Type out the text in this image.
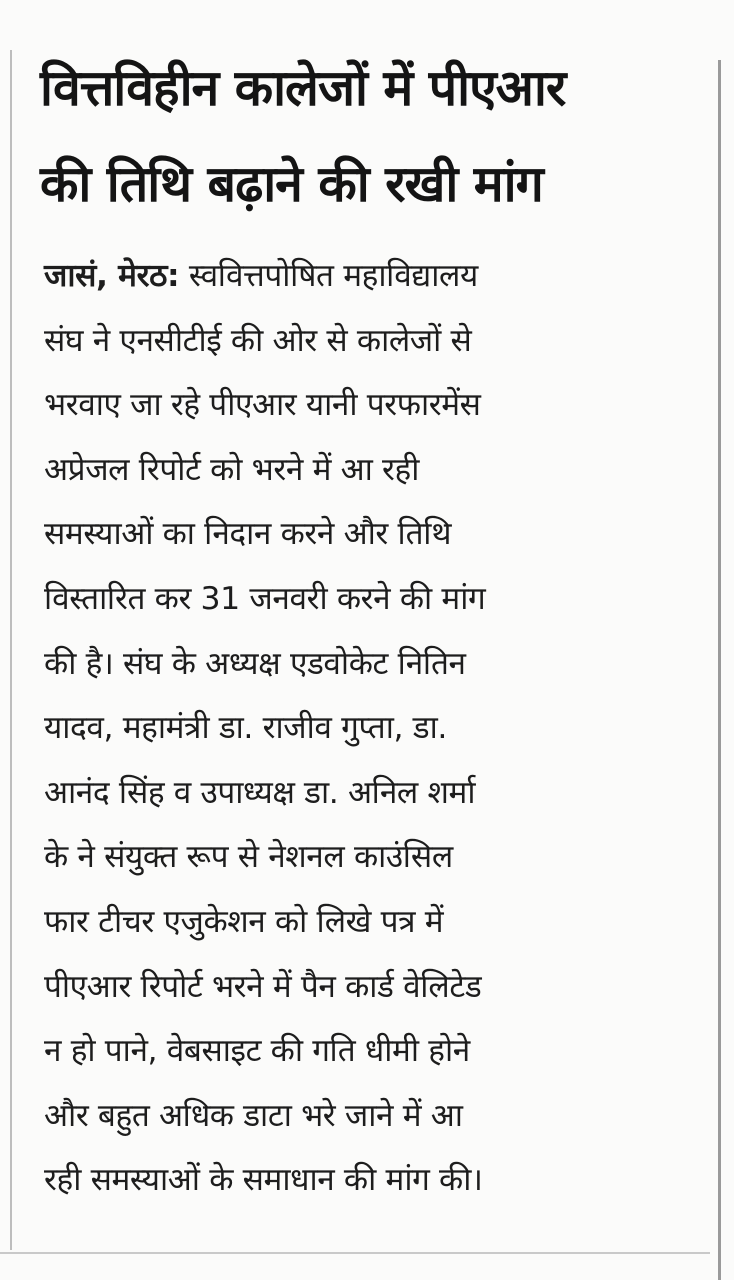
वित्तविहीन कालेजों में पीएआर
की तिथि बढ़ाने की रखी मांग
जासं, मेरठ: स्ववित्तपोषित महाविद्यालय
संघ ने एनसीटीई की ओर से कालेजों से
भरवाए जा रहे पीएआर यानी परफारमेंस
अप्रेजल रिपोर्ट को भरने में आ रही
समस्याओं का निदान करने और तिथि
विस्तारित कर 31 जनवरी करने की मांग
की है। संघ के अध्यक्ष एडवोकेट नितिन
यादव, महामंत्री डा. राजीव गुप्ता, डा.
आनंद सिंह व उपाध्यक्ष डा. अनिल शर्मा
के ने संयुक्त रूप से नेशनल काउंसिल
फार टीचर एजुकेशन को लिखे पत्र में
पीएआर रिपोर्ट भरने में पैन कार्ड वेलिटेड
न हो पाने, वेबसाइट की गति धीमी होने
और बहुत अधिक डाटा भरे जाने में आ
रही समस्याओं के समाधान की मांग की।
